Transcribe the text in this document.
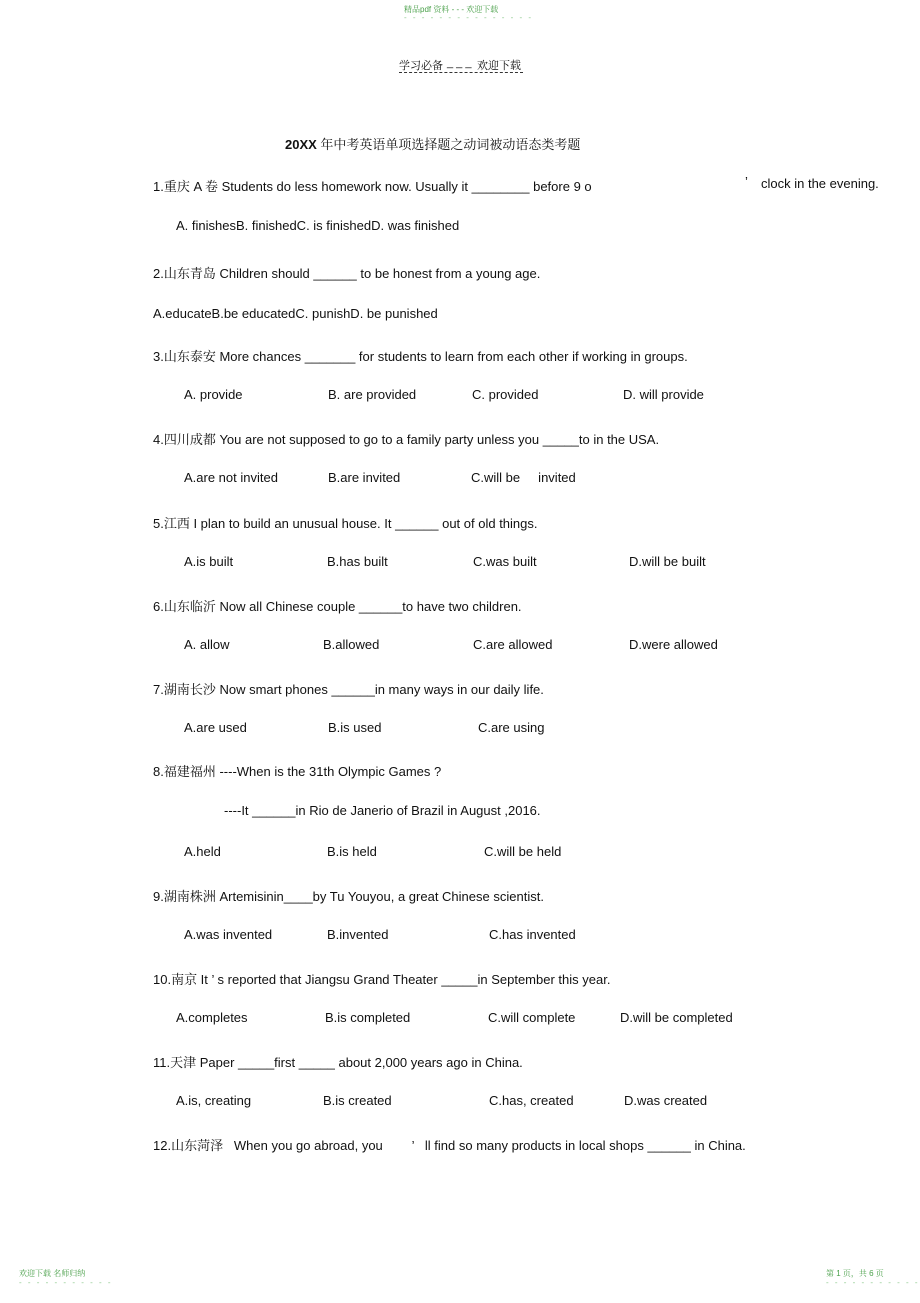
精品pdf 资料 - - - 欢迎下载
- - - - - - - - - - - - - - -
学习必备 _ _ _ 欢迎下载
20XX 年中考英语单项选择题之动词被动语态类考题
1.重庆 A 卷 Students do less homework now. Usually it ________ before 9 o	’ clock in the evening.
A. finishesB. finishedC. is finishedD. was finished
2.山东青岛 Children should ______ to be honest from a young age.
A.educateB.be educatedC. punishD. be punished
3.山东泰安 More chances _______ for students to learn from each other if working in groups.
A. provide	B. are provided	C. provided	D. will provide
4.四川成都 You are not supposed to go to a family party unless you _____to in the USA.
A.are not invited	B.are invited	C.will be     invited
5.江西 I plan to build an unusual house. It ______ out of old things.
A.is built	B.has built	C.was built	D.will be built
6.山东临沂 Now all Chinese couple ______to have two children.
A. allow	B.allowed	C.are allowed	D.were allowed
7.湖南长沙 Now smart phones ______in many ways in our daily life.
A.are used	B.is used	C.are using
8.福建福州 ----When is the 31th Olympic Games ?
----It ______in Rio de Janerio of Brazil in August ,2016.
A.held	B.is held	C.will be held
9.湖南株洲 Artemisinin____by Tu Youyou, a great Chinese scientist.
A.was invented	B.invented	C.has invented
10.南京 It ’ s reported that Jiangsu Grand Theater _____in September this year.
A.completes	B.is completed	C.will complete	D.will be completed
11.天津 Paper _____first _____ about 2,000 years ago in China.
A.is, creating	B.is created	C.has, created	D.was created
12.山东菏泽   When you go abroad, you        ’   ll find so many products in local shops ______ in China.
欢迎下载 名师归纳
- - - - - - - - - - -
第 1 页，共 6 页
- - - - - - - - - - -
